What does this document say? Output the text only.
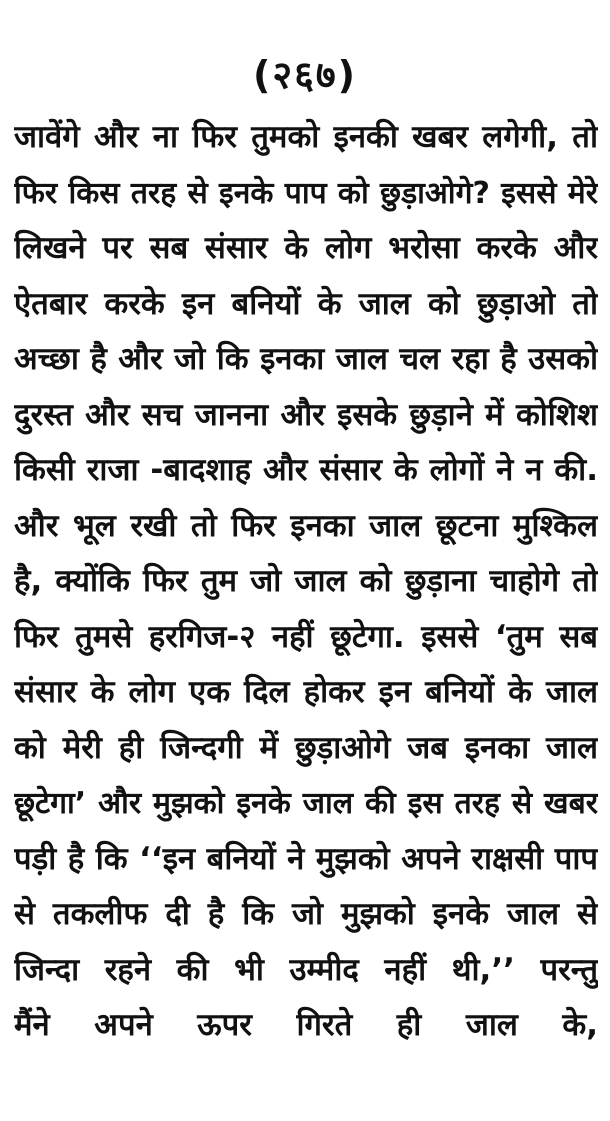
(२६७)
जावेंगे और ना फिर तुमको इनकी खबर लगेगी, तो
फिर किस तरह से इनके पाप को छुड़ाओगे? इससे मेरे
लिखने पर सब संसार के लोग भरोसा करके और
ऐतबार करके इन बनियों के जाल को छुड़ाओ तो
अच्छा है और जो कि इनका जाल चल रहा है उसको
दुरस्त और सच जानना और इसके छुड़ाने में कोशिश
किसी राजा -बादशाह और संसार के लोगों ने न की.
और भूल रखी तो फिर इनका जाल छूटना मुश्किल
है, क्योंकि फिर तुम जो जाल को छुड़ाना चाहोगे तो
फिर तुमसे हरगिज-२ नहीं छूटेगा. इससे ‘तुम सब
संसार के लोग एक दिल होकर इन बनियों के जाल
को मेरी ही जिन्दगी में छुड़ाओगे जब इनका जाल
छूटेगा’ और मुझको इनके जाल की इस तरह से खबर
पड़ी है कि ‘‘इन बनियों ने मुझको अपने राक्षसी पाप
से तकलीफ दी है कि जो मुझको इनके जाल से
जिन्दा रहने की भी उम्मीद नहीं थी,’’ परन्तु
मैंने अपने ऊपर गिरते ही जाल के,
